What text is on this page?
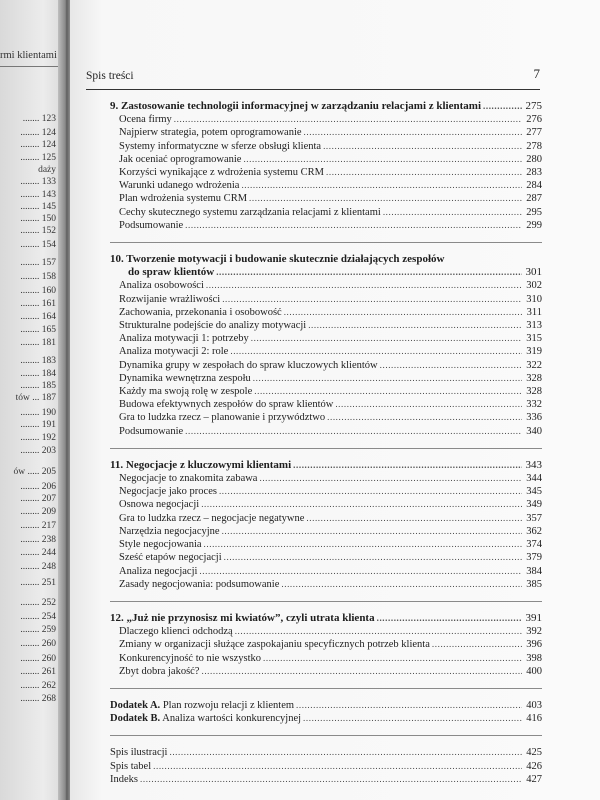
rmi klientami
....... 123
........ 124
........ 124
........ 125
daży
........ 133
........ 143
........ 145
........ 150
........ 152
........ 154
........ 157
........ 158
........ 160
........ 161
........ 164
........ 165
........ 181
........ 183
........ 184
........ 185
tów ... 187
........ 190
........ 191
........ 192
........ 203
ów ..... 205
........ 206
........ 207
........ 209
........ 217
........ 238
........ 244
........ 248
........ 251
........ 252
........ 254
........ 259
........ 260
........ 260
........ 261
........ 262
........ 268
Spis treści	7
9. Zastosowanie technologii informacyjnej w zarządzaniu relacjami z klientami .....	275
Ocena firmy .....	276
Najpierw strategia, potem oprogramowanie .....	277
Systemy informatyczne w sferze obsługi klienta .....	278
Jak oceniać oprogramowanie .....	280
Korzyści wynikające z wdrożenia systemu CRM .....	283
Warunki udanego wdrożenia .....	284
Plan wdrożenia systemu CRM .....	287
Cechy skutecznego systemu zarządzania relacjami z klientami .....	295
Podsumowanie .....	299
10. Tworzenie motywacji i budowanie skutecznie działających zespołów
do spraw klientów .....	301
Analiza osobowości .....	302
Rozwijanie wrażliwości .....	310
Zachowania, przekonania i osobowość .....	311
Strukturalne podejście do analizy motywacji .....	313
Analiza motywacji 1: potrzeby .....	315
Analiza motywacji 2: role .....	319
Dynamika grupy w zespołach do spraw kluczowych klientów .....	322
Dynamika wewnętrzna zespołu .....	328
Każdy ma swoją rolę w zespole .....	328
Budowa efektywnych zespołów do spraw klientów .....	332
Gra to ludzka rzecz – planowanie i przywództwo .....	336
Podsumowanie .....	340
11. Negocjacje z kluczowymi klientami .....	343
Negocjacje to znakomita zabawa .....	344
Negocjacje jako proces .....	345
Osnowa negocjacji .....	349
Gra to ludzka rzecz – negocjacje negatywne .....	357
Narzędzia negocjacyjne .....	362
Style negocjowania .....	374
Sześć etapów negocjacji .....	379
Analiza negocjacji .....	384
Zasady negocjowania: podsumowanie .....	385
12. „Już nie przynosisz mi kwiatów”, czyli utrata klienta .....	391
Dlaczego klienci odchodzą .....	392
Zmiany w organizacji służące zaspokajaniu specyficznych potrzeb klienta .....	396
Konkurencyjność to nie wszystko .....	398
Zbyt dobra jakość? .....	400
Dodatek A. Plan rozwoju relacji z klientem .....	403
Dodatek B. Analiza wartości konkurencyjnej .....	416
Spis ilustracji .....	425
Spis tabel .....	426
Indeks .....	427
